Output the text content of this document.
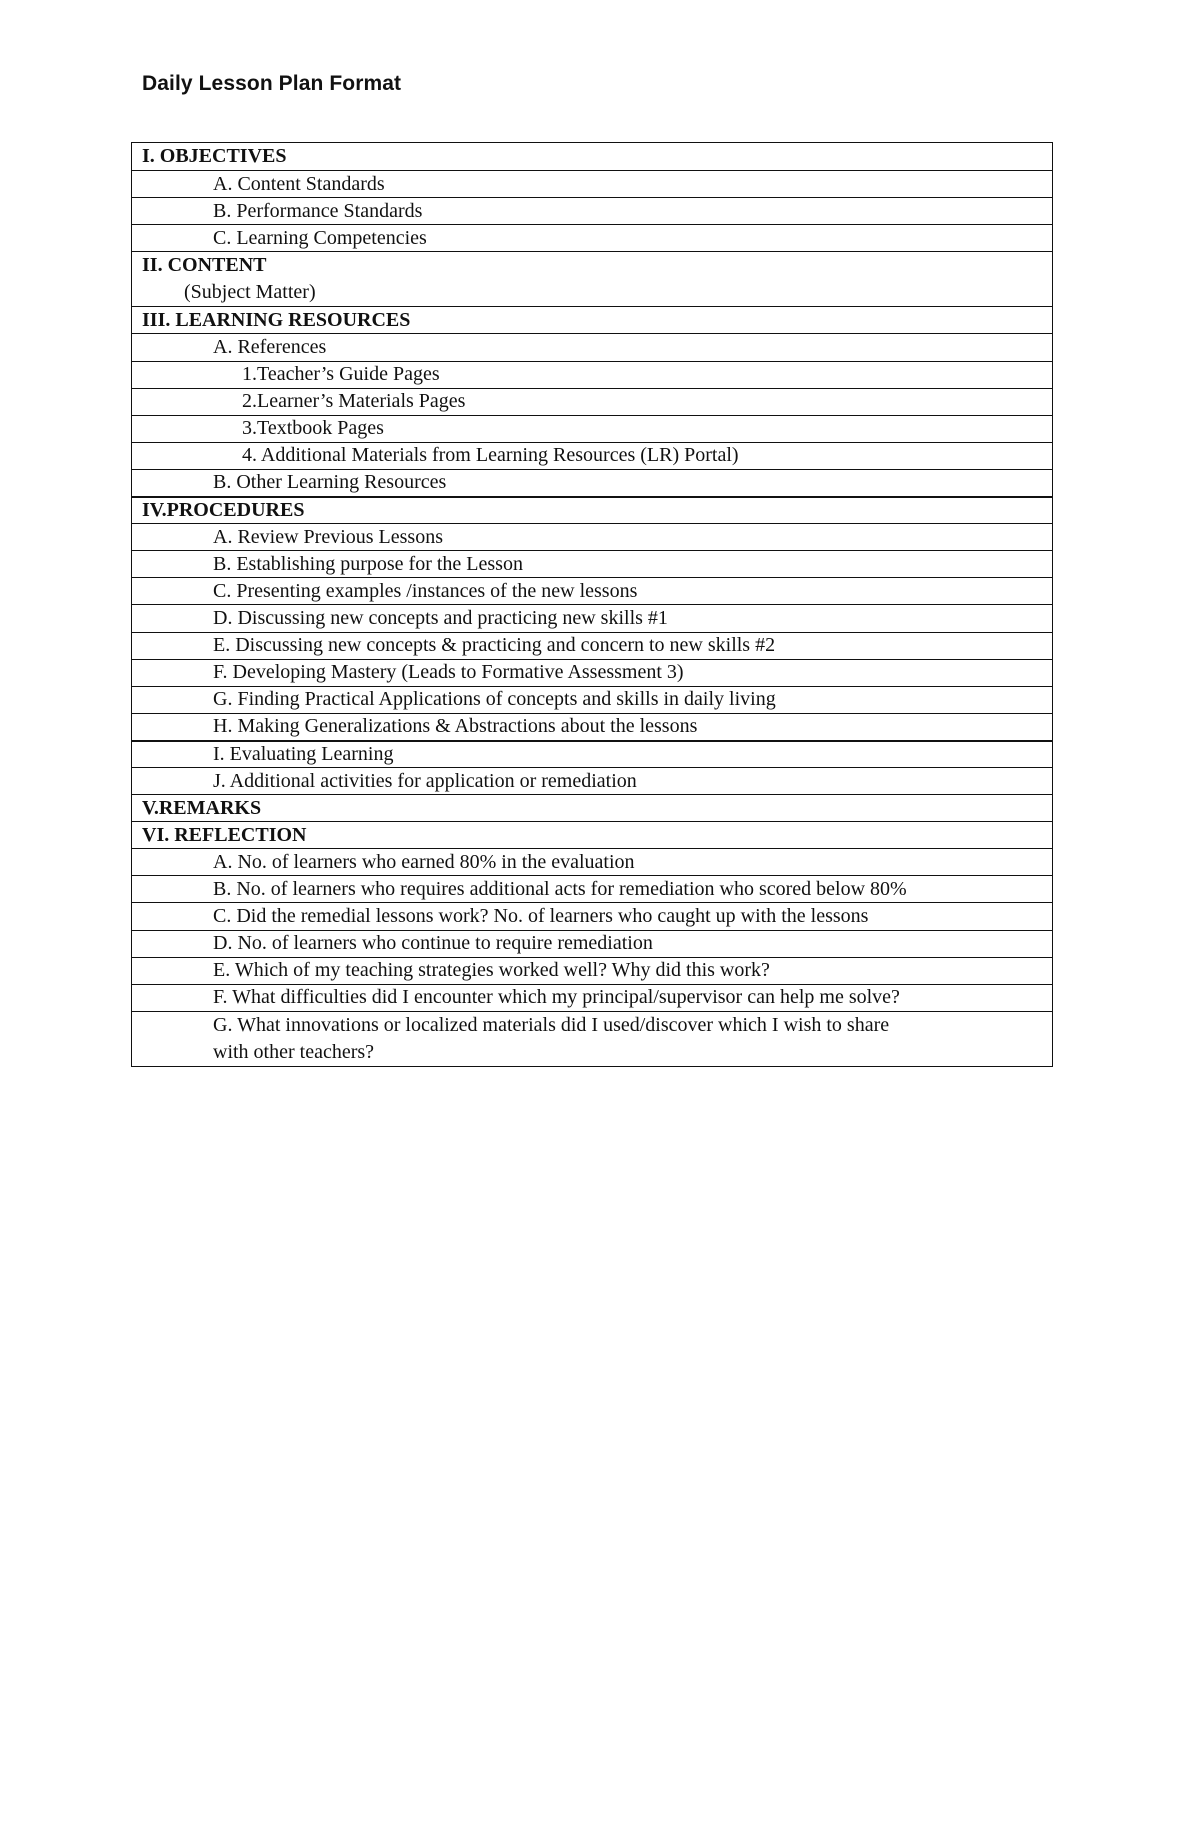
Daily Lesson Plan Format
I. OBJECTIVES
A. Content Standards
B. Performance Standards
C. Learning Competencies
II. CONTENT
(Subject Matter)
III. LEARNING RESOURCES
A. References
1.Teacher’s Guide Pages
2.Learner’s Materials Pages
3.Textbook Pages
4. Additional Materials from Learning Resources (LR) Portal)
B. Other Learning Resources
IV.PROCEDURES
A. Review Previous Lessons
B. Establishing purpose for the Lesson
C. Presenting examples /instances of the new lessons
D. Discussing new concepts and practicing new skills #1
E. Discussing new concepts & practicing and concern to new skills #2
F. Developing Mastery (Leads to Formative Assessment 3)
G. Finding Practical Applications of concepts and skills in daily living
H. Making Generalizations & Abstractions about the lessons
I. Evaluating Learning
J. Additional activities for application or remediation
V.REMARKS
VI. REFLECTION
A. No. of learners who earned 80% in the evaluation
B. No. of learners who requires additional acts for remediation who scored below 80%
C. Did the remedial lessons work? No. of learners who caught up with the lessons
D. No. of learners who continue to require remediation
E. Which of my teaching strategies worked well? Why did this work?
F. What difficulties did I encounter which my principal/supervisor can help me solve?
G. What innovations or localized materials did I used/discover which I wish to share
with other teachers?
